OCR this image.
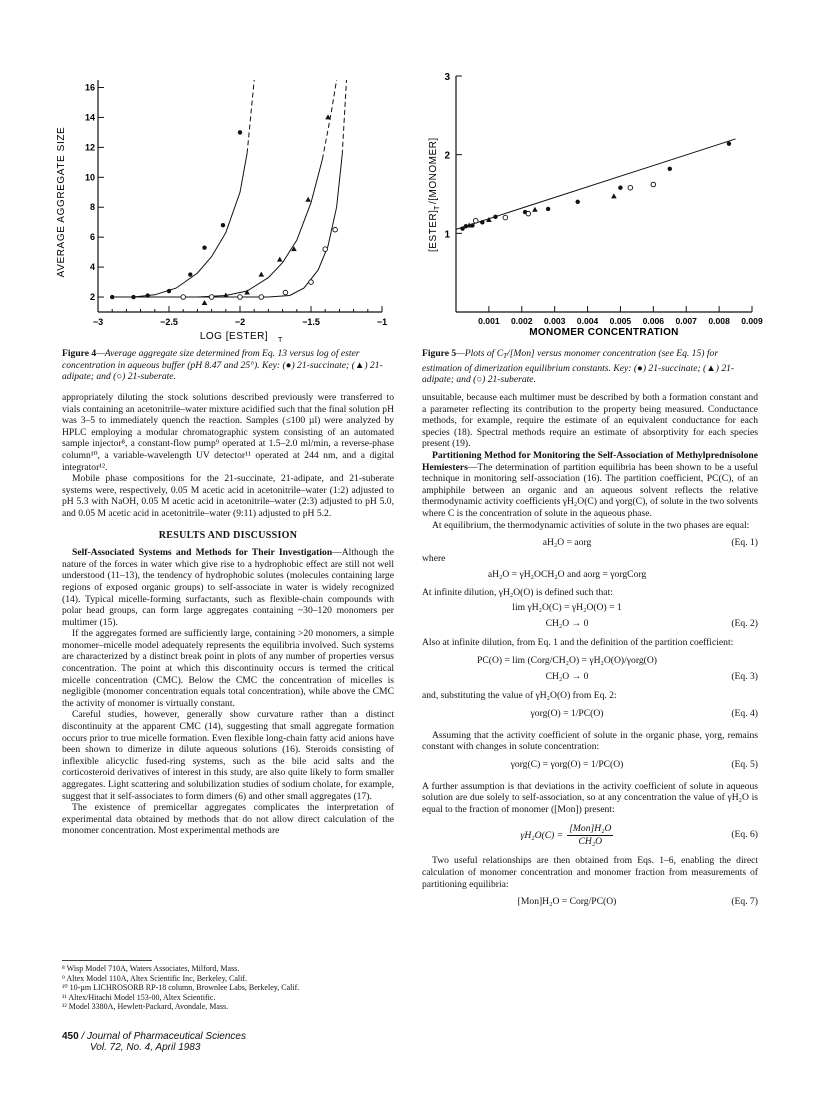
−3	−2.5	−2	−1.5	−1
2
4
6
8
10
12
14
16
LOG [ESTER] T
AVERAGE AGGREGATE SIZE
Figure 4—Average aggregate size determined from Eq. 13 versus log of ester concentration in aqueous buffer (pH 8.47 and 25°). Key: (●) 21-succinate; (▲) 21-adipate; and (○) 21-suberate.
0.001 0.002 0.003 0.004 0.005 0.006 0.007 0.008 0.009
1
2
3
MONOMER CONCENTRATION
[ESTER]
T
/[MONOMER]
Figure 5—Plots of $C_T/[Mon]$ versus monomer concentration (see Eq. 15) for estimation of dimerization equilibrium constants. Key: (●) 21-succinate; (▲) 21-adipate; and (○) 21-suberate.

appropriately diluting the stock solutions described previously were transferred to vials containing an acetonitrile–water mixture acidified such that the final solution pH was 3–5 to immediately quench the reaction. Samples (≤100 µl) were analyzed by HPLC employing a modular chromatographic system consisting of an automated sample injector⁸, a constant-flow pump⁹ operated at 1.5–2.0 ml/min, a reverse-phase column¹⁰, a variable-wavelength UV detector¹¹ operated at 244 nm, and a digital integrator¹².

Mobile phase compositions for the 21-succinate, 21-adipate, and 21-suberate systems were, respectively, 0.05 M acetic acid in acetonitrile–water (1:2) adjusted to pH 5.3 with NaOH, 0.05 M acetic acid in acetonitrile–water (2:3) adjusted to pH 5.0, and 0.05 M acetic acid in acetonitrile–water (9:11) adjusted to pH 5.2.

RESULTS AND DISCUSSION

Self-Associated Systems and Methods for Their Investigation—Although the nature of the forces in water which give rise to a hydrophobic effect are still not well understood (11–13), the tendency of hydrophobic solutes (molecules containing large regions of exposed organic groups) to self-associate in water is widely recognized (14). Typical micelle-forming surfactants, such as flexible-chain compounds with polar head groups, can form large aggregates containing ~30–120 monomers per multimer (15).

If the aggregates formed are sufficiently large, containing >20 monomers, a simple monomer–micelle model adequately represents the equilibria involved. Such systems are characterized by a distinct break point in plots of any number of properties versus concentration. The point at which this discontinuity occurs is termed the critical micelle concentration (CMC). Below the CMC the concentration of micelles is negligible (monomer concentration equals total concentration), while above the CMC the activity of monomer is virtually constant.

Careful studies, however, generally show curvature rather than a distinct discontinuity at the apparent CMC (14), suggesting that small aggregate formation occurs prior to true micelle formation. Even flexible long-chain fatty acid anions have been shown to dimerize in dilute aqueous solutions (16). Steroids consisting of inflexible alicyclic fused-ring systems, such as the bile acid salts and the corticosteroid derivatives of interest in this study, are also quite likely to form smaller aggregates. Light scattering and solubilization studies of sodium cholate, for example, suggest that it self-associates to form dimers (6) and other small aggregates (17).

The existence of premicellar aggregates complicates the interpretation of experimental data obtained by methods that do not allow direct calculation of the monomer concentration. Most experimental methods are

⁸ Wisp Model 710A, Waters Associates, Milford, Mass.
⁹ Altex Model 110A, Altex Scientific Inc, Berkeley, Calif.
¹⁰ 10-µm LICHROSORB RP-18 column, Brownlee Labs, Berkeley, Calif.
¹¹ Altex/Hitachi Model 153-00, Altex Scientific.
¹² Model 3380A, Hewlett-Packard, Avondale, Mass.
450 / Journal of Pharmaceutical Sciences
Vol. 72, No. 4, April 1983

unsuitable, because each multimer must be described by both a formation constant and a parameter reflecting its contribution to the property being measured. Conductance methods, for example, require the estimate of an equivalent conductance for each species (18). Spectral methods require an estimate of absorptivity for each species present (19).

Partitioning Method for Monitoring the Self-Association of Methylprednisolone Hemiesters—The determination of partition equilibria has been shown to be a useful technique in monitoring self-association (16). The partition coefficient, PC(C), of an amphiphile between an organic and an aqueous solvent reflects the relative thermodynamic activity coefficients γH₂O(C) and γorg(C), of solute in the two solvents where C is the concentration of solute in the aqueous phase.

At equilibrium, the thermodynamic activities of solute in the two phases are equal:

aH₂O = aorg	(Eq. 1)

where

aH₂O = γH₂OCH₂O and aorg = γorgCorg

At infinite dilution, γH₂O(O) is defined such that:

lim γH₂O(C) = γH₂O(O) = 1
CH₂O → 0	(Eq. 2)

Also at infinite dilution, from Eq. 1 and the definition of the partition coefficient:

PC(O) = lim (Corg/CH₂O) = γH₂O(O)/γorg(O)
CH₂O → 0	(Eq. 3)

and, substituting the value of γH₂O(O) from Eq. 2:

γorg(O) = 1/PC(O)	(Eq. 4)

Assuming that the activity coefficient of solute in the organic phase, γorg, remains constant with changes in solute concentration:

γorg(C) = γorg(O) = 1/PC(O)	(Eq. 5)

A further assumption is that deviations in the activity coefficient of solute in aqueous solution are due solely to self-association, so at any concentration the value of γH₂O is equal to the fraction of monomer ([Mon]) present:

γH₂O(C) =
[Mon]H₂O
CH₂O
(Eq. 6)

Two useful relationships are then obtained from Eqs. 1–6, enabling the direct calculation of monomer concentration and monomer fraction from measurements of partitioning equilibria:

[Mon]H₂O = Corg/PC(O)	(Eq. 7)
